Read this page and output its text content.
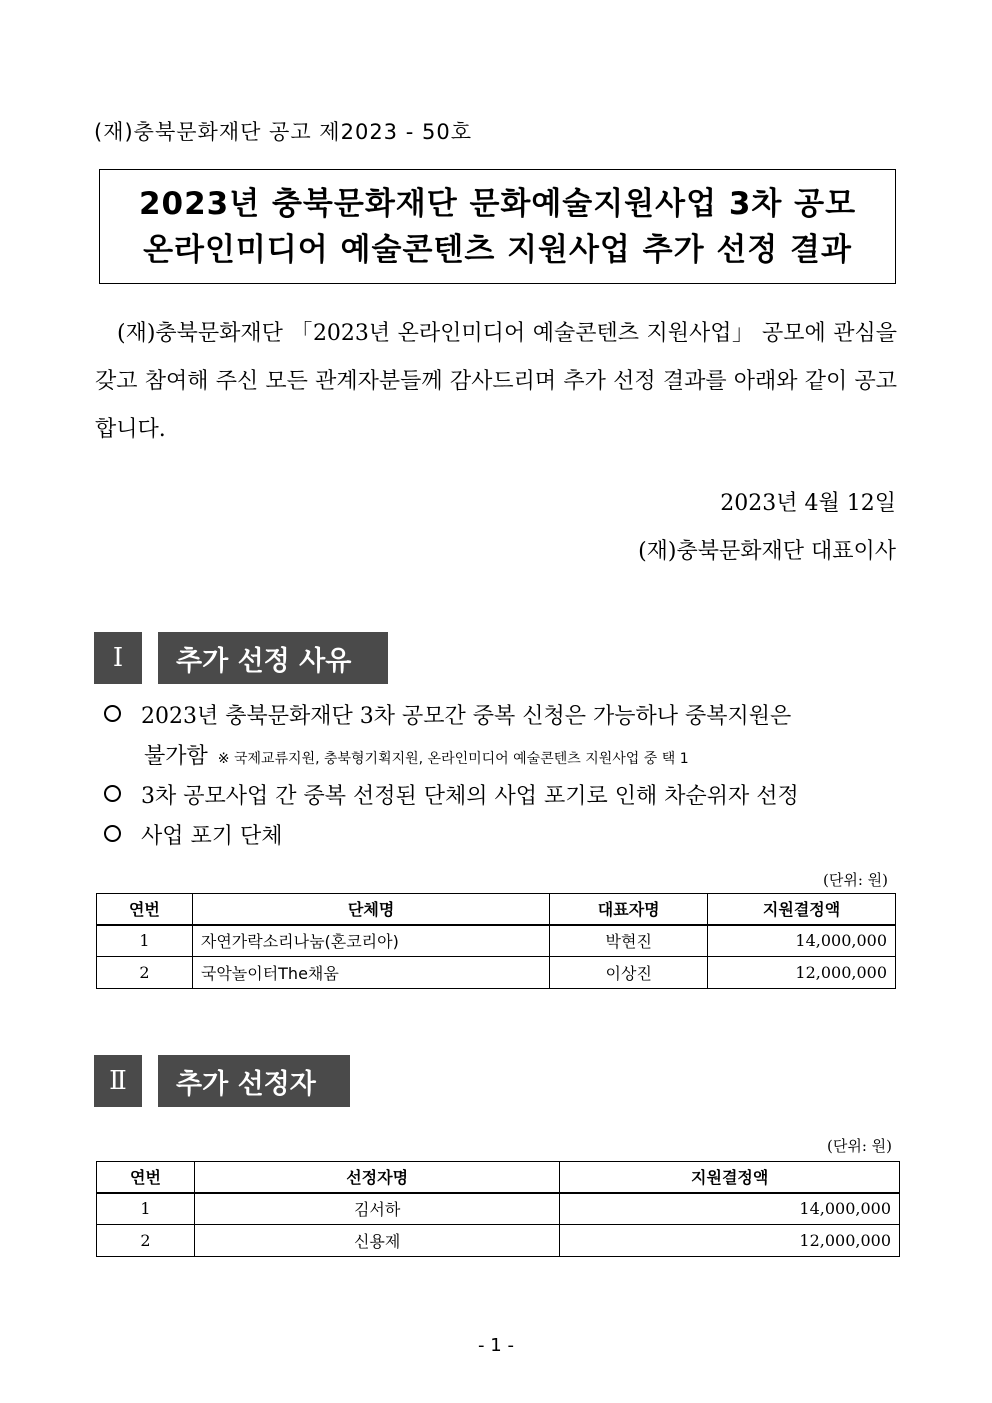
(재)충북문화재단 공고 제2023 - 50호
2023년 충북문화재단 문화예술지원사업 3차 공모
온라인미디어 예술콘텐츠 지원사업 추가 선정 결과

(재)충북문화재단 「2023년 온라인미디어 예술콘텐츠 지원사업」 공모에 관심을 갖고 참여해 주신 모든 관계자분들께 감사드리며 추가 선정 결과를 아래와 같이 공고합니다.

2023년 4월 12일
(재)충북문화재단 대표이사
Ⅰ	추가 선정 사유
2023년 충북문화재단 3차 공모간 중복 신청은 가능하나 중복지원은
불가함 ※ 국제교류지원, 충북형기획지원, 온라인미디어 예술콘텐츠 지원사업 중 택 1
3차 공모사업 간 중복 선정된 단체의 사업 포기로 인해 차순위자 선정
사업 포기 단체
(단위: 원)
연번	단체명	대표자명	지원결정액
1	자연가락소리나눔(혼코리아)	박현진	14,000,000
2	국악놀이터The채움	이상진	12,000,000
Ⅱ	추가 선정자
(단위: 원)
연번	선정자명	지원결정액
1	김서하	14,000,000
2	신용제	12,000,000
- 1 -
